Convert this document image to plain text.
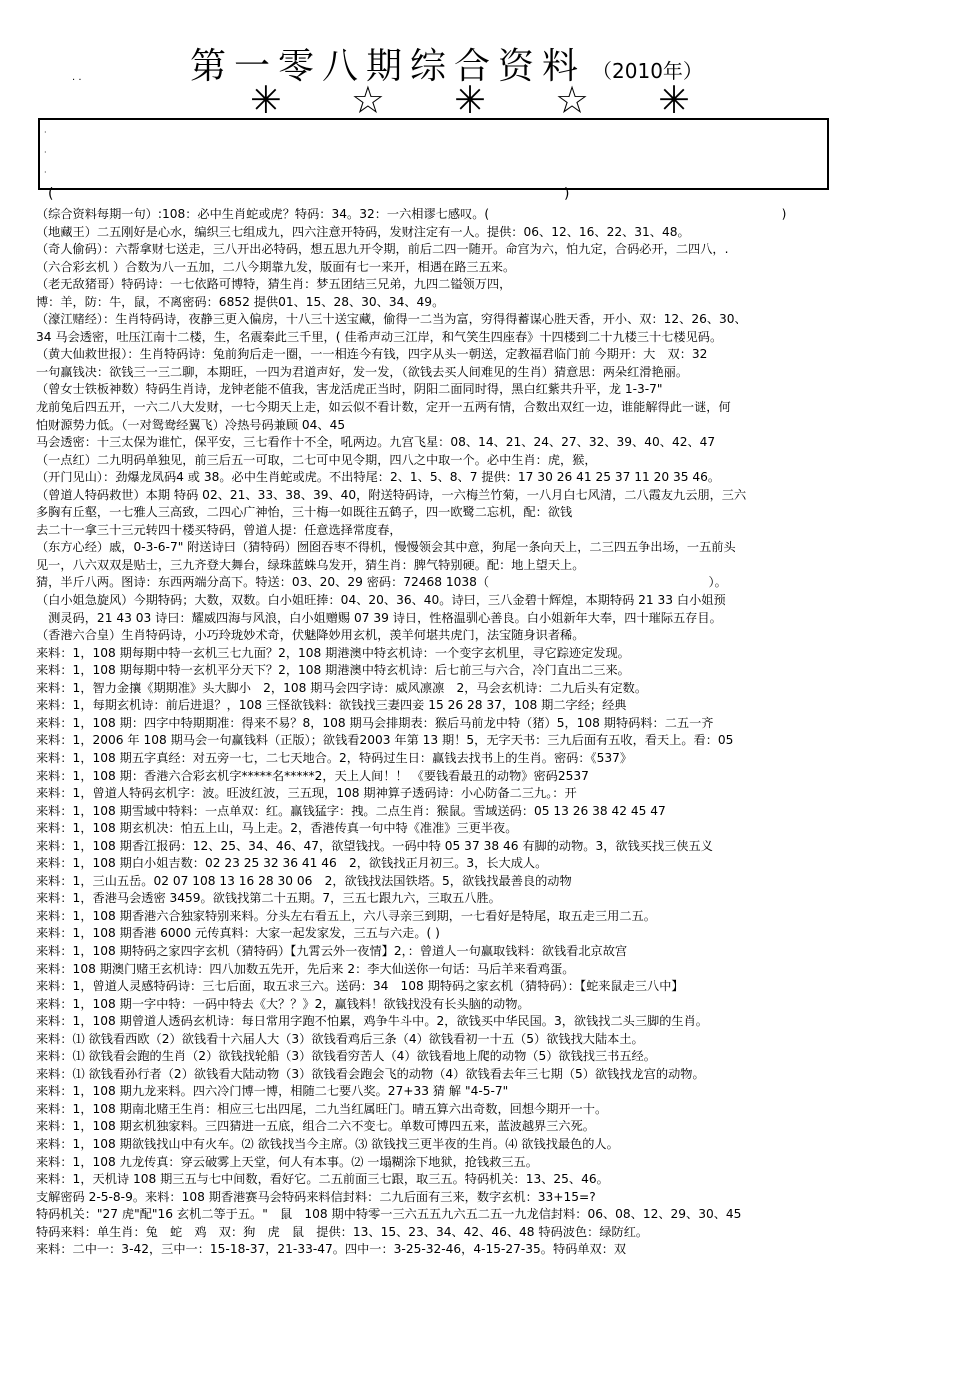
第一零八期综合资料 （2010年）
· ·	✳ ☆ ✳ ☆ ✳
·
·
·
(	)
（综合资料每期一句）:108：必中生肖蛇或虎？特码：34。32：一六相谬七感叹。(　　　　　　　　　　　　　　　　　　　　　　　　)
（地藏王）二五刚好是心水，编织三七组成九，四六注意开特码，发财注定有一人。提供：06、12、16、22、31、48。
（奇人偷码）：六帮拿财七送走，三八开出必特码，想五思九开令期，前后二四一随开。命宫为六，怕九定，合码必开，二四八，.
（六合彩玄机 ）合数为八一五加，二八今期靠九发，版面有七一来开，相遇在路三五来。
（老无敌猪哥）特码诗：一七依路可博特，猜生肖：梦五团结三兄弟，九四二镒领万四，
博：羊，防：牛，鼠，不离密码：6852 提供01、15、28、30、34、49。
（濠江赌经）：生肖特码诗，夜静三更入偏房，十八三十送宝藏，偷得一二当为富，穷得得蓄谋心胜天香，开小、双：12、26、30、
34 马会透密，吐压江南十二楼，生，名震秦此三千里，( 佳希声动三江岸，和气笑生四座春》十四楼到二十九楼三十七楼见码。
（黄大仙救世报）：生肖特码诗：兔前狗后走一圈，一一相连今有钱，四字从头一朝送，定教福君临门前 今期开：大　双：32
一句赢钱决：欲钱三一三二聊，本期旺，一四为君道声好，发一发，（欲钱去买人间难见的生肖）猜意思：两朵红滑艳丽。
（曾女士铁板神数）特码生肖诗，龙钟老能不值我，害龙活虎正当时，阴阳二面同时得，黑白红紫共升平，龙 1-3-7"
龙前兔后四五开，一六二八大发财，一七今期天上走，如云似不看计数，定开一五两有情，合数出双红一边，谁能解得此一谜，何
怕财源势力低。（一对鸳鸯经翼飞）冷热号码兼顾 04、45
马会透密：十三太保为谁忙，保平安，三七看作十不全，吼两边。九宫飞星：08、14、21、24、27、32、39、40、42、47
（一点红）二九明码单独见，前三后五一可取，二七可中见令期，四八之中取一个。必中生肖：虎，猴，
（开门见山）：劲爆龙凤码4 或 38。必中生肖蛇或虎。不出特尾：2、1、5、8、7 提供：17 30 26 41 25 37 11 20 35 46。
（曾道人特码救世）本期 特码 02、21、33、38、39、40，附送特码诗，一六梅兰竹菊，一八月白七风清，二八霞友九云朋，三六
多胸有丘壑，一七雅人三高致，二四心广神怡，三十梅一如既往五鹤子，四一欧鹭二忘机，配：欲钱
去二十一拿三十三元转四十楼买特码，曾道人提：任意选择常度春，
（东方心经）戚，0-3-6-7" 附送诗曰（猜特码）囫囵吞枣不得机，慢慢领会其中意，狗尾一条向天上，二三四五争出场，一五前头
见一，八六双双是贴士，三九齐登大舞台，绿珠蓝蛛乌发开，猜生肖：脾气特别硬。配：地上望天上。
猜，半斤八两。图诗：东西两端分高下。特送：03、20、29 密码：72468 1038（　　　　　　　　　　　　　　　　　　）。
（白小姐急旋风）今期特码；大数，双数。白小姐旺捧：04、20、36、40。诗曰，三八金碧十辉煌，本期特码 21 33 白小姐预
　测灵码，21 43 03 诗曰：耀威四海与风浪，白小姐赠赐 07 39 诗日，性格温驯心善良。白小姐新年大奉，四十璀际五存目。
（香港六合皇）生肖特码诗，小巧玲珑妙术奇，伏魅降妙用玄机，羡羊何堪共虎门，法宝随身识者稀。
来料：1，108 期每期中特一玄机三七九面？2，108 期港澳中特玄机诗：一个变字玄机里，寻它踪迹定发现。
来料：1，108 期每期中特一玄机平分天下？2，108 期港澳中特玄机诗：后七前三与六合，冷门直出二三来。
来料：1，智力金攘《期期准》头大脚小　2，108 期马会四字诗：威风凛凛　2，马会玄机诗：二九后头有定数。
来料：1，每期玄机诗：前后进退？，108 三怪欲钱料：欲钱找三妻四妾 15 26 28 37，108 期二字经；经典
来料：1，108 期：四字中特期期准：得来不易？8，108 期马会排期表：猴后马前龙中特（猪）5，108 期特码料：二五一齐
来料：1，2006 年 108 期马会一句赢钱料（正版）；欲钱看2003 年第 13 期！5，无字天书：三九后面有五收，看天上。看：05
来料：1，108 期五字真经：对五旁一七，二七天地合。2，特码过生日：赢钱去找书上的生肖。密码：《537》
来料：1，108 期：香港六合彩玄机字*****名*****2，天上人间！！ 《要钱看最丑的动物》密码2537
来料：1，曾道人特码玄机字：波。旺波红波，三五现，108 期神算子透码诗：小心防备二三九。：开
来料：1，108 期雪域中特料：一点单双：红。赢钱猛字：拽。二点生肖：猴鼠。雪域送码：05 13 26 38 42 45 47
来料：1，108 期玄机决：怕五上山，马上走。2，香港传真一句中特《准准》三更半夜。
来料：1，108 期香江报码：12、25、34、46、47，欲望钱找。一码中特 05 37 38 46 有脚的动物。3，欲钱买找三侠五义
来料：1，108 期白小姐吉数：02 23 25 32 36 41 46　2，欲钱找正月初三。3，长大成人。
来料：1，三山五岳。02 07 108 13 16 28 30 06　2，欲钱找法国铁塔。5，欲钱找最善良的动物
来料：1，香港马会透密 3459。欲钱找第二十五期。7，三五七跟九六，三取五八胜。
来料：1，108 期香港六合独家特别来料。分头左右看五上，六八寻亲三到期，一七看好是特尾，取五走三用二五。
来料：1，108 期香港 6000 元传真料：大家一起发家发，三五与六走。( )
来料：1，108 期特码之家四字玄机（猜特码）【九霄云外一夜情】2，：曾道人一句赢取钱料：欲钱看北京故宫
来料：108 期澳门赌王玄机诗：四八加数五先开，先后来 2：李大仙送你一句话：马后羊来看鸡蛋。
来料：1，曾道人灵感特码诗：三七后面，取五求三六。送码：34　108 期特码之家玄机（猜特码）：【蛇来鼠走三八中】
来料：1，108 期一字中特：一码中特去《大？？》2，赢钱料！欲钱找没有长头脑的动物。
来料：1，108 期曾道人透码玄机诗：每日常用字跑不怕累，鸡争牛斗中。2，欲钱买中华民国。3，欲钱找二头三脚的生肖。
来料：⑴ 欲钱看西欧（2）欲钱看十六届人大（3）欲钱看鸡后三条（4）欲钱看初一十五（5）欲钱找大陆本土。
来料：⑴ 欲钱看会跑的生肖（2）欲钱找轮船（3）欲钱看穷苦人（4）欲钱看地上爬的动物（5）欲钱找三书五经。
来料：⑴ 欲钱看孙行者（2）欲钱看大陆动物（3）欲钱看会跑会飞的动物（4）欲钱看去年三七期（5）欲钱找龙宫的动物。
来料：1，108 期九龙来料。四六冷门博一博，相随二七要八奖。27+33 猜 解 "4-5-7"
来料：1，108 期南北赌王生肖：相应三七出四尾，二九当红属旺门。晴五算六出奇数，回想今期开一十。
来料：1，108 期玄机独家料。三四猜进一五底，组合二六不变七。单数可博四五来，蓝波越界三六死。
来料：1，108 期欲钱找山中有火车。⑵ 欲钱找当今主席。⑶ 欲钱找三更半夜的生肖。⑷ 欲钱找最色的人。
来料：1，108 九龙传真：穿云破雾上天堂，何人有本事。⑵ 一塌糊涂下地狱，抢钱救三五。
来料：1，天机诗 108 期三五与七中间数，看好它。二五前面三七跟，取三五。特码机关：13、25、46。
支解密码 2-5-8-9。来料：108 期香港赛马会特码来料信封料：二九后面有三来，数字玄机：33+15=?
特码机关："27 虎"配"16 玄机二等于五。"　鼠　108 期中特零一三六五五九六五二五一九龙信封料：06、08、12、29、30、45
特码来料：单生肖：兔　蛇　鸡　双：狗　虎　鼠　提供：13、15、23、34、42、46、48 特码波色：绿防红。
来料：二中一：3-42，三中一：15-18-37，21-33-47。四中一：3-25-32-46，4-15-27-35。特码单双：双
